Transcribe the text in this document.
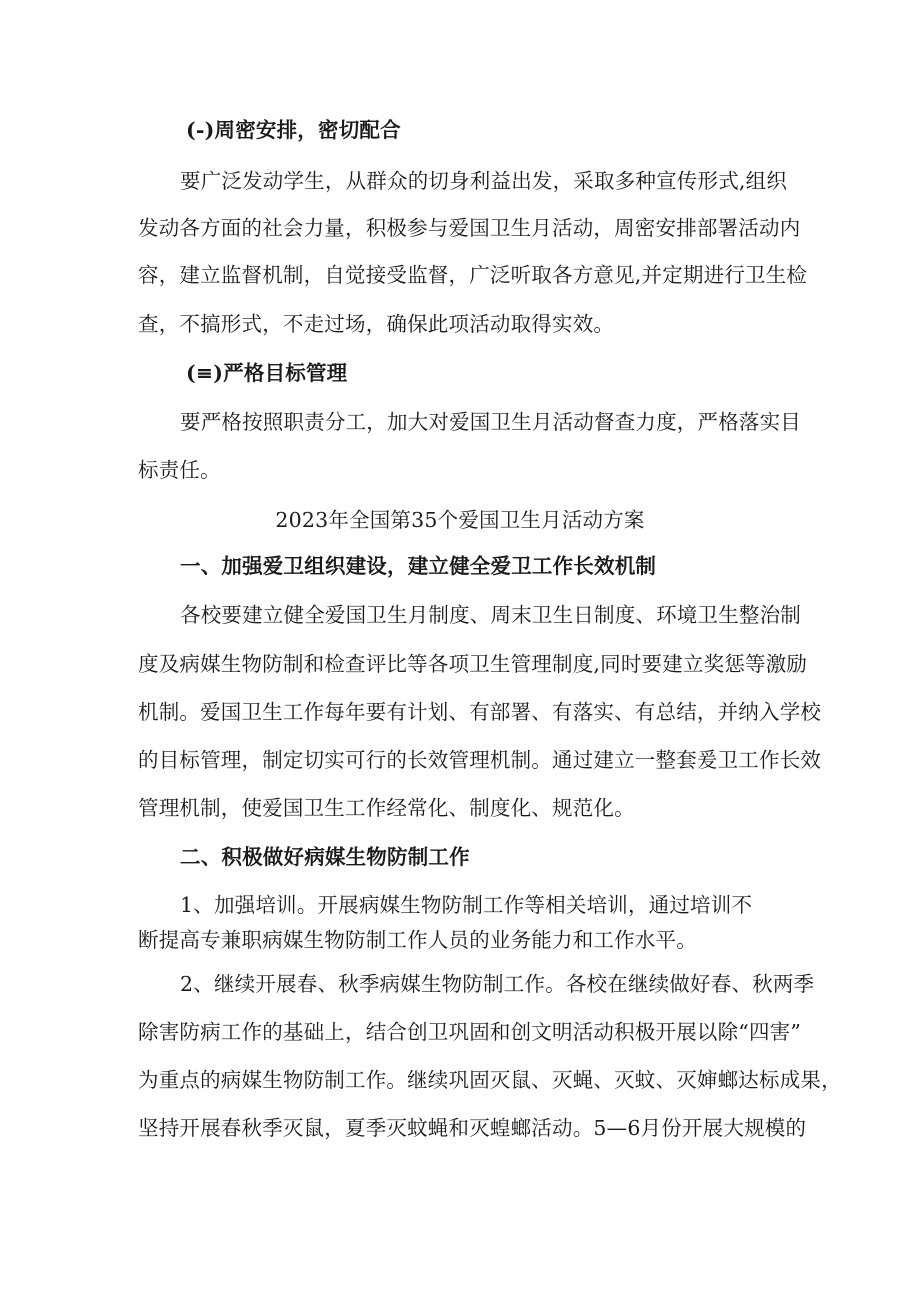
(-)周密安排，密切配合
要广泛发动学生，从群众的切身利益出发，采取多种宣传形式,组织
发动各方面的社会力量，积极参与爱国卫生月活动，周密安排部署活动内
容，建立监督机制，自觉接受监督，广泛听取各方意见,并定期进行卫生检
查，不搞形式，不走过场，确保此项活动取得实效。
(≡)严格目标管理
要严格按照职责分工，加大对爱国卫生月活动督查力度，严格落实目
标责任。
2023年全国第35个爱国卫生月活动方案
一、加强爱卫组织建设，建立健全爱卫工作长效机制
各校要建立健全爱国卫生月制度、周末卫生日制度、环境卫生整治制
度及病媒生物防制和检查评比等各项卫生管理制度,同时要建立奖惩等激励
机制。爱国卫生工作每年要有计划、有部署、有落实、有总结，并纳入学校
的目标管理，制定切实可行的长效管理机制。通过建立一整套爰卫工作长效
管理机制，使爱国卫生工作经常化、制度化、规范化。
二、积极做好病媒生物防制工作
1、加强培训。开展病媒生物防制工作等相关培训，通过培训不
断提高专兼职病媒生物防制工作人员的业务能力和工作水平。
2、继续开展春、秋季病媒生物防制工作。各校在继续做好春、秋两季
除害防病工作的基础上，结合创卫巩固和创文明活动积极开展以除“四害”
为重点的病媒生物防制工作。继续巩固灭鼠、灭蝇、灭蚊、灭婶螂达标成果，
坚持开展春秋季灭鼠，夏季灭蚊蝇和灭蝗螂活动。5—6月份开展大规模的
